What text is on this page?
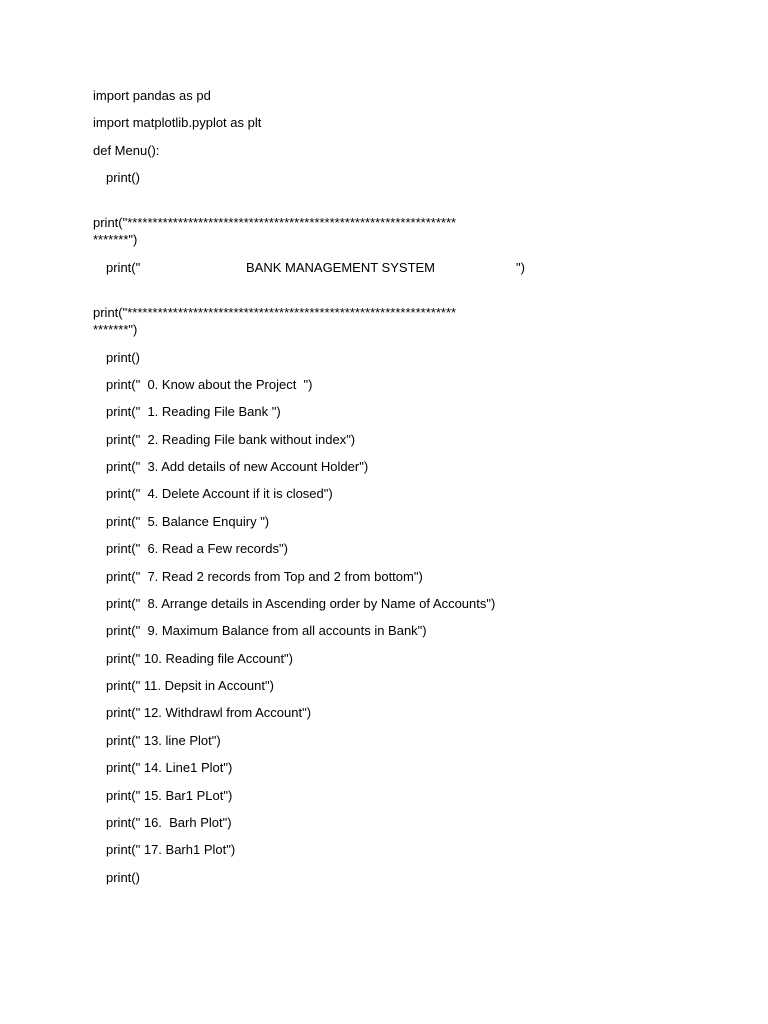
import pandas as pd
import matplotlib.pyplot as plt
def Menu():
print()
print("*****************************************************************
*******")
print("	BANK MANAGEMENT SYSTEM	")
print("*****************************************************************
*******")
print()
print("  0. Know about the Project  ")
print("  1. Reading File Bank ")
print("  2. Reading File bank without index")
print("  3. Add details of new Account Holder")
print("  4. Delete Account if it is closed")
print("  5. Balance Enquiry ")
print("  6. Read a Few records")
print("  7. Read 2 records from Top and 2 from bottom")
print("  8. Arrange details in Ascending order by Name of Accounts")
print("  9. Maximum Balance from all accounts in Bank")
print(" 10. Reading file Account")
print(" 11. Depsit in Account")
print(" 12. Withdrawl from Account")
print(" 13. line Plot")
print(" 14. Line1 Plot")
print(" 15. Bar1 PLot")
print(" 16.  Barh Plot")
print(" 17. Barh1 Plot")
print()
